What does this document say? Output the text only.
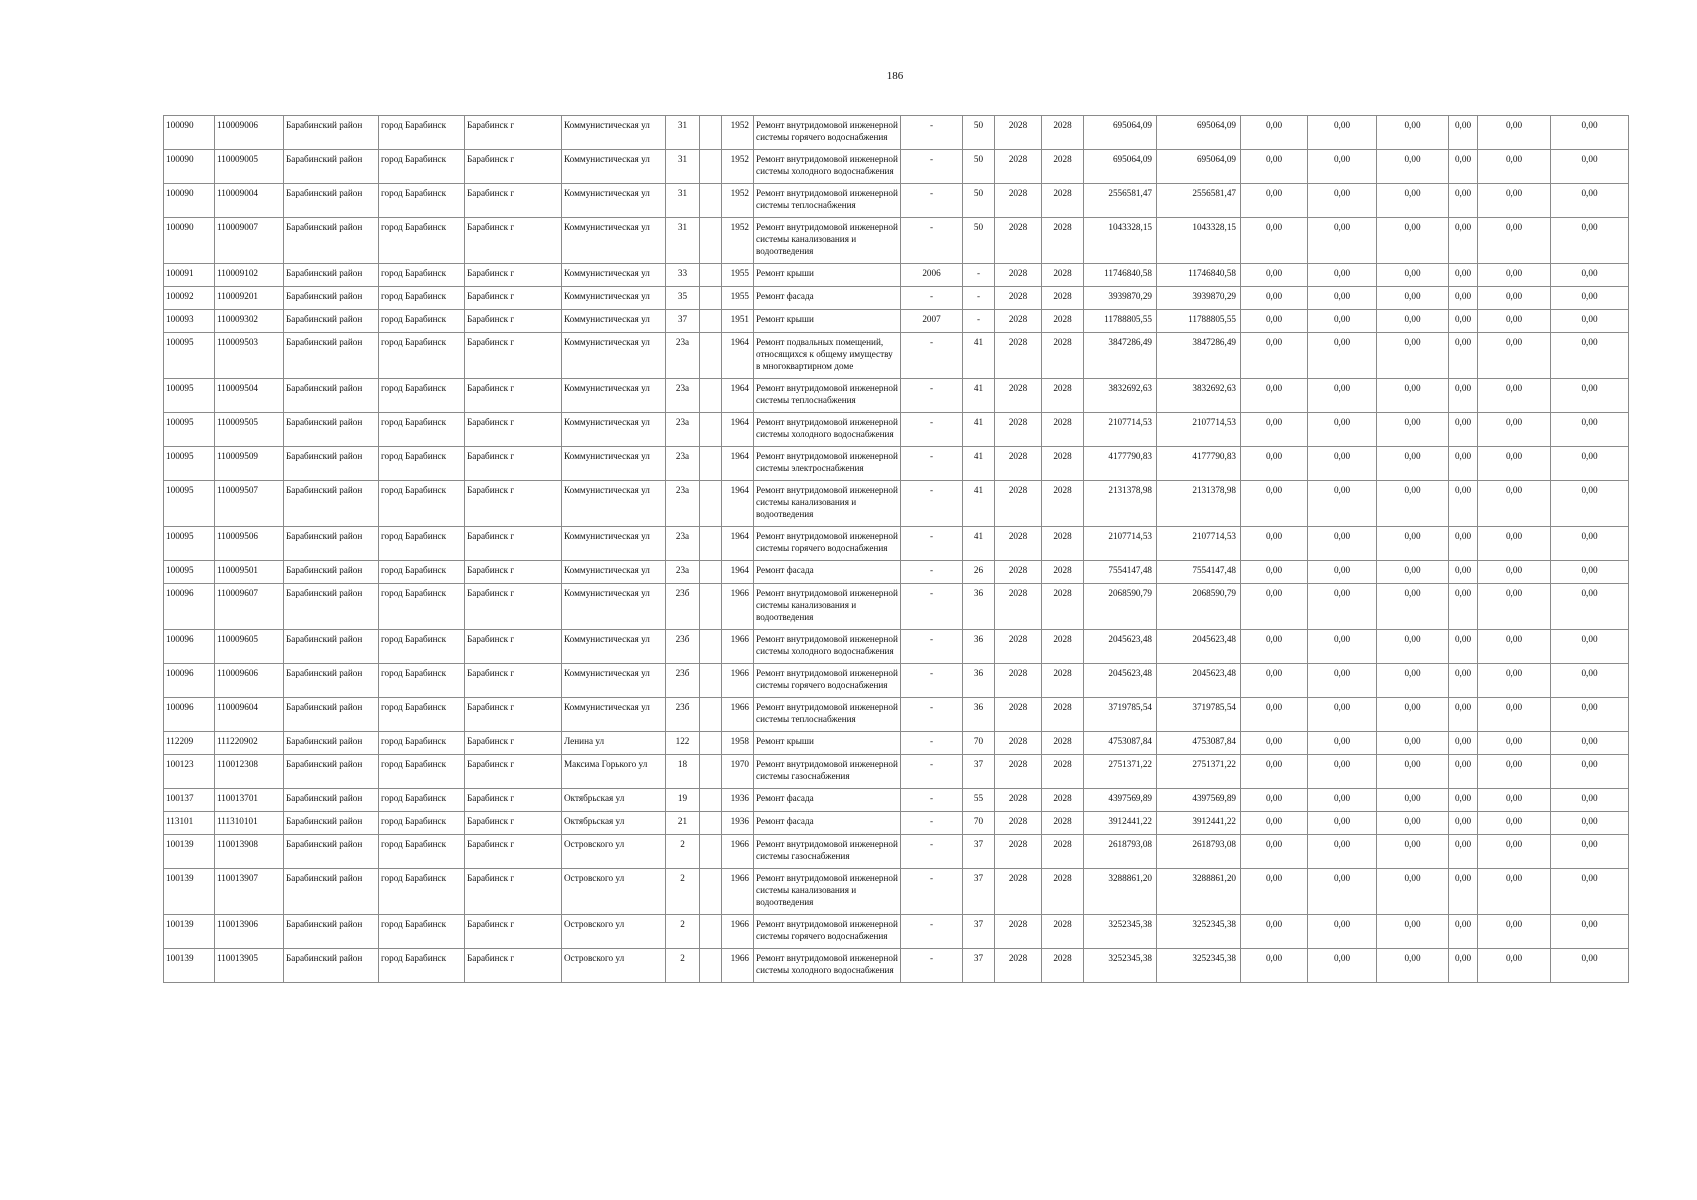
186
100090	110009006	Барабинский район	город Барабинск	Барабинск г	Коммунистическая ул	31		1952	Ремонт внутридомовой инженерной системы горячего водоснабжения	-	50	2028	2028	695064,09	695064,09	0,00	0,00	0,00	0,00	0,00	0,00
100090	110009005	Барабинский район	город Барабинск	Барабинск г	Коммунистическая ул	31		1952	Ремонт внутридомовой инженерной системы холодного водоснабжения	-	50	2028	2028	695064,09	695064,09	0,00	0,00	0,00	0,00	0,00	0,00
100090	110009004	Барабинский район	город Барабинск	Барабинск г	Коммунистическая ул	31		1952	Ремонт внутридомовой инженерной системы теплоснабжения	-	50	2028	2028	2556581,47	2556581,47	0,00	0,00	0,00	0,00	0,00	0,00
100090	110009007	Барабинский район	город Барабинск	Барабинск г	Коммунистическая ул	31		1952	Ремонт внутридомовой инженерной системы канализования и водоотведения	-	50	2028	2028	1043328,15	1043328,15	0,00	0,00	0,00	0,00	0,00	0,00
100091	110009102	Барабинский район	город Барабинск	Барабинск г	Коммунистическая ул	33		1955	Ремонт крыши	2006	-	2028	2028	11746840,58	11746840,58	0,00	0,00	0,00	0,00	0,00	0,00
100092	110009201	Барабинский район	город Барабинск	Барабинск г	Коммунистическая ул	35		1955	Ремонт фасада	-	-	2028	2028	3939870,29	3939870,29	0,00	0,00	0,00	0,00	0,00	0,00
100093	110009302	Барабинский район	город Барабинск	Барабинск г	Коммунистическая ул	37		1951	Ремонт крыши	2007	-	2028	2028	11788805,55	11788805,55	0,00	0,00	0,00	0,00	0,00	0,00
100095	110009503	Барабинский район	город Барабинск	Барабинск г	Коммунистическая ул	23а		1964	Ремонт подвальных помещений, относящихся к общему имуществу в многоквартирном доме	-	41	2028	2028	3847286,49	3847286,49	0,00	0,00	0,00	0,00	0,00	0,00
100095	110009504	Барабинский район	город Барабинск	Барабинск г	Коммунистическая ул	23а		1964	Ремонт внутридомовой инженерной системы теплоснабжения	-	41	2028	2028	3832692,63	3832692,63	0,00	0,00	0,00	0,00	0,00	0,00
100095	110009505	Барабинский район	город Барабинск	Барабинск г	Коммунистическая ул	23а		1964	Ремонт внутридомовой инженерной системы холодного водоснабжения	-	41	2028	2028	2107714,53	2107714,53	0,00	0,00	0,00	0,00	0,00	0,00
100095	110009509	Барабинский район	город Барабинск	Барабинск г	Коммунистическая ул	23а		1964	Ремонт внутридомовой инженерной системы электроснабжения	-	41	2028	2028	4177790,83	4177790,83	0,00	0,00	0,00	0,00	0,00	0,00
100095	110009507	Барабинский район	город Барабинск	Барабинск г	Коммунистическая ул	23а		1964	Ремонт внутридомовой инженерной системы канализования и водоотведения	-	41	2028	2028	2131378,98	2131378,98	0,00	0,00	0,00	0,00	0,00	0,00
100095	110009506	Барабинский район	город Барабинск	Барабинск г	Коммунистическая ул	23а		1964	Ремонт внутридомовой инженерной системы горячего водоснабжения	-	41	2028	2028	2107714,53	2107714,53	0,00	0,00	0,00	0,00	0,00	0,00
100095	110009501	Барабинский район	город Барабинск	Барабинск г	Коммунистическая ул	23а		1964	Ремонт фасада	-	26	2028	2028	7554147,48	7554147,48	0,00	0,00	0,00	0,00	0,00	0,00
100096	110009607	Барабинский район	город Барабинск	Барабинск г	Коммунистическая ул	23б		1966	Ремонт внутридомовой инженерной системы канализования и водоотведения	-	36	2028	2028	2068590,79	2068590,79	0,00	0,00	0,00	0,00	0,00	0,00
100096	110009605	Барабинский район	город Барабинск	Барабинск г	Коммунистическая ул	23б		1966	Ремонт внутридомовой инженерной системы холодного водоснабжения	-	36	2028	2028	2045623,48	2045623,48	0,00	0,00	0,00	0,00	0,00	0,00
100096	110009606	Барабинский район	город Барабинск	Барабинск г	Коммунистическая ул	23б		1966	Ремонт внутридомовой инженерной системы горячего водоснабжения	-	36	2028	2028	2045623,48	2045623,48	0,00	0,00	0,00	0,00	0,00	0,00
100096	110009604	Барабинский район	город Барабинск	Барабинск г	Коммунистическая ул	23б		1966	Ремонт внутридомовой инженерной системы теплоснабжения	-	36	2028	2028	3719785,54	3719785,54	0,00	0,00	0,00	0,00	0,00	0,00
112209	111220902	Барабинский район	город Барабинск	Барабинск г	Ленина ул	122		1958	Ремонт крыши	-	70	2028	2028	4753087,84	4753087,84	0,00	0,00	0,00	0,00	0,00	0,00
100123	110012308	Барабинский район	город Барабинск	Барабинск г	Максима Горького ул	18		1970	Ремонт внутридомовой инженерной системы газоснабжения	-	37	2028	2028	2751371,22	2751371,22	0,00	0,00	0,00	0,00	0,00	0,00
100137	110013701	Барабинский район	город Барабинск	Барабинск г	Октябрьская ул	19		1936	Ремонт фасада	-	55	2028	2028	4397569,89	4397569,89	0,00	0,00	0,00	0,00	0,00	0,00
113101	111310101	Барабинский район	город Барабинск	Барабинск г	Октябрьская ул	21		1936	Ремонт фасада	-	70	2028	2028	3912441,22	3912441,22	0,00	0,00	0,00	0,00	0,00	0,00
100139	110013908	Барабинский район	город Барабинск	Барабинск г	Островского ул	2		1966	Ремонт внутридомовой инженерной системы газоснабжения	-	37	2028	2028	2618793,08	2618793,08	0,00	0,00	0,00	0,00	0,00	0,00
100139	110013907	Барабинский район	город Барабинск	Барабинск г	Островского ул	2		1966	Ремонт внутридомовой инженерной системы канализования и водоотведения	-	37	2028	2028	3288861,20	3288861,20	0,00	0,00	0,00	0,00	0,00	0,00
100139	110013906	Барабинский район	город Барабинск	Барабинск г	Островского ул	2		1966	Ремонт внутридомовой инженерной системы горячего водоснабжения	-	37	2028	2028	3252345,38	3252345,38	0,00	0,00	0,00	0,00	0,00	0,00
100139	110013905	Барабинский район	город Барабинск	Барабинск г	Островского ул	2		1966	Ремонт внутридомовой инженерной системы холодного водоснабжения	-	37	2028	2028	3252345,38	3252345,38	0,00	0,00	0,00	0,00	0,00	0,00
